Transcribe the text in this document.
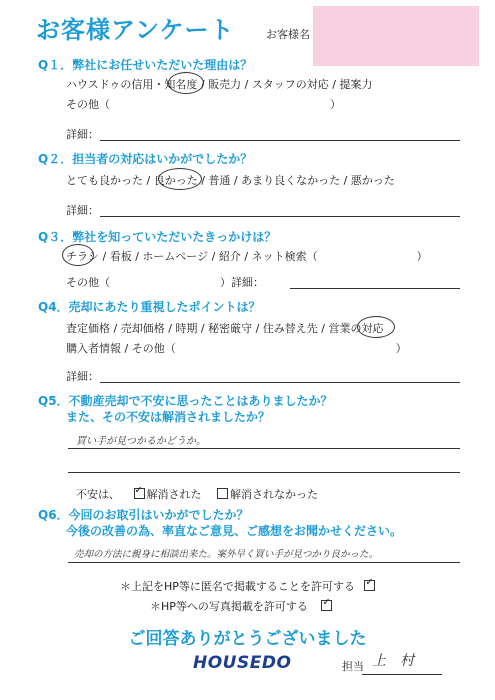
お客様アンケート	お客様名
Q１．弊社にお任せいただいた理由は？
ハウスドゥの信用・知名度 / 販売力 / スタッフの対応 / 提案力
その他（　　　　　　　　　　　　　　　　　　　　）
詳細：
Q２．担当者の対応はいかがでしたか？
とても良かった / 良かった / 普通 / あまり良くなかった / 悪かった
詳細：
Q３．弊社を知っていただいたきっかけは？
チラシ / 看板 / ホームページ / 紹介 / ネット検索（　　　　　　　　　）
その他（　　　　　　　　　　）詳細：
Q4．売却にあたり重視したポイントは？
査定価格 / 売却価格 / 時期 / 秘密厳守 / 住み替え先 / 営業の対応
購入者情報 / その他（　　　　　　　　　　　　　　　　　　　　）
詳細：
Q5．不動産売却で不安に思ったことはありましたか？
また、その不安は解消されましたか？
買い手が見つかるかどうか。
不安は、 ✓ 解消された	解消されなかった
Q6．今回のお取引はいかがでしたか？
今後の改善の為、率直なご意見、ご感想をお聞かせください。
売却の方法に親身に相談出来た。案外早く買い手が見つかり良かった。
＊上記をHP等に匿名で掲載することを許可する ✓
＊HP等への写真掲載を許可する ✓
ご回答ありがとうございました
HOUSEDO	担当 上　村
